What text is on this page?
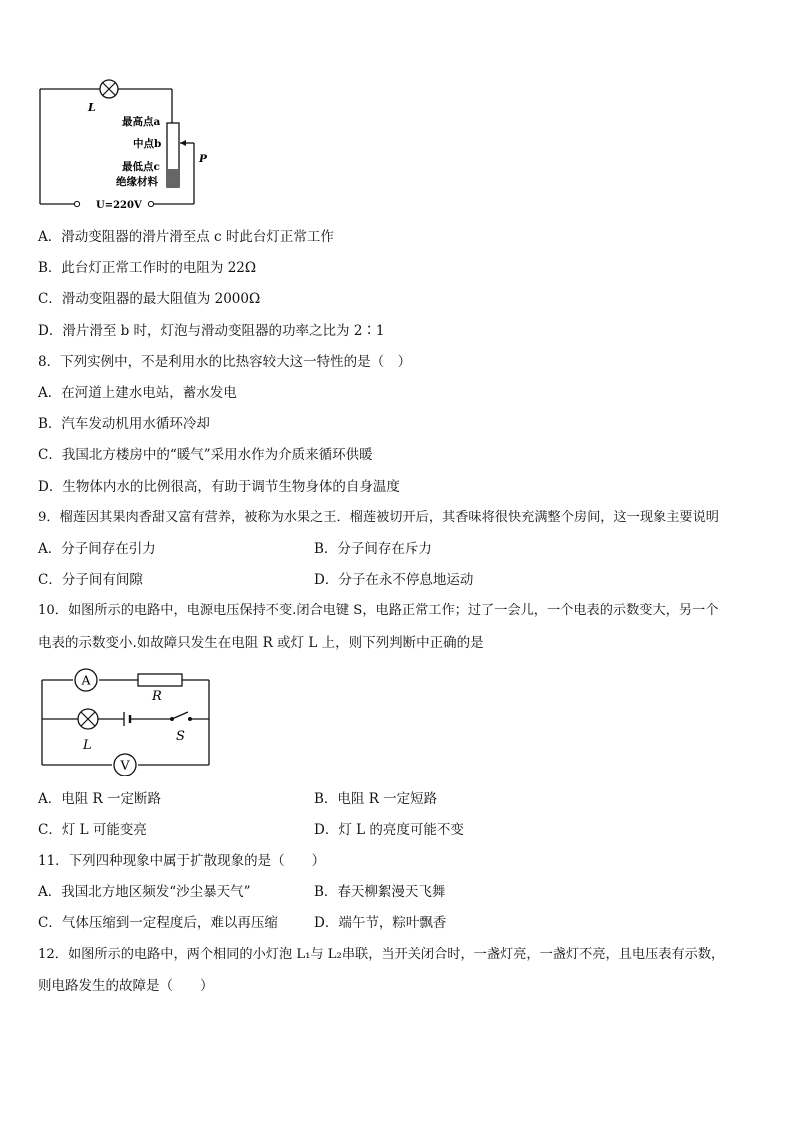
L
最高点a
中点b
最低点c
绝缘材料
P
U=220V
A．滑动变阻器的滑片滑至点 c 时此台灯正常工作
B．此台灯正常工作时的电阻为 22Ω
C．滑动变阻器的最大阻值为 2000Ω
D．滑片滑至 b 时，灯泡与滑动变阻器的功率之比为 2∶1
8．下列实例中，不是利用水的比热容较大这一特性的是（　）
A．在河道上建水电站，蓄水发电
B．汽车发动机用水循环冷却
C．我国北方楼房中的“暖气”采用水作为介质来循环供暖
D．生物体内水的比例很高，有助于调节生物身体的自身温度
9．榴莲因其果肉香甜又富有营养，被称为水果之王．榴莲被切开后，其香味将很快充满整个房间，这一现象主要说明
A．分子间存在引力	B．分子间存在斥力
C．分子间有间隙	D．分子在永不停息地运动
10．如图所示的电路中，电源电压保持不变.闭合电键 S，电路正常工作；过了一会儿，一个电表的示数变大，另一个
电表的示数变小.如故障只发生在电阻 R 或灯 L 上，则下列判断中正确的是
A
V
R
L
S
A．电阻 R 一定断路	B．电阻 R 一定短路
C．灯 L 可能变亮	D．灯 L 的亮度可能不变
11．下列四种现象中属于扩散现象的是（　　）
A．我国北方地区频发“沙尘暴天气”	B．春天柳絮漫天飞舞
C．气体压缩到一定程度后，难以再压缩	D．端午节，粽叶飘香
12．如图所示的电路中，两个相同的小灯泡 L₁与 L₂串联，当开关闭合时，一盏灯亮，一盏灯不亮，且电压表有示数，
则电路发生的故障是（　　）
